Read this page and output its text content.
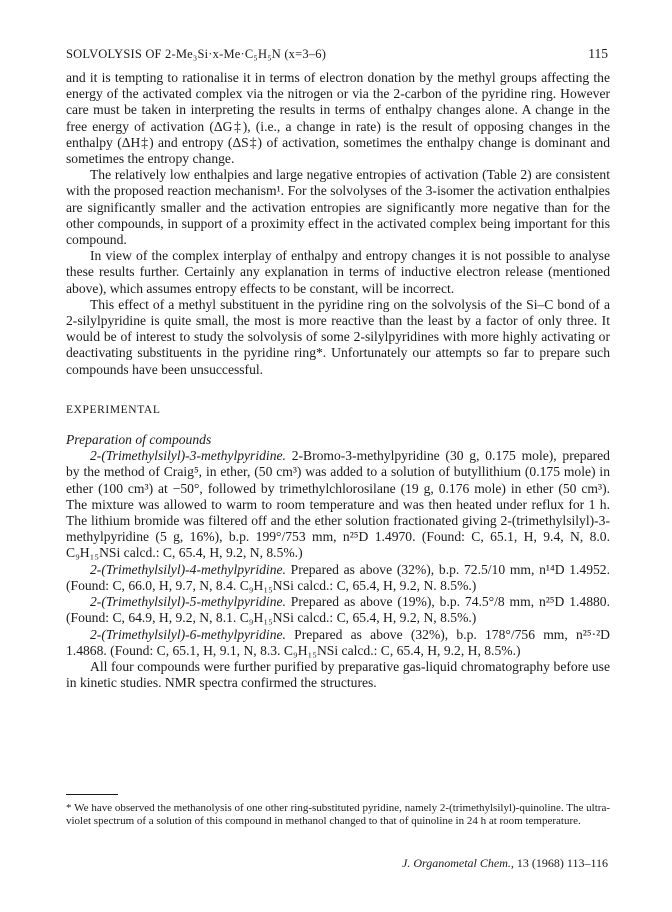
SOLVOLYSIS OF 2-Me₃Si·x-Me·C₅H₅N (x=3–6)	115

and it is tempting to rationalise it in terms of electron donation by the methyl groups affecting the energy of the activated complex via the nitrogen or via the 2-carbon of the pyridine ring. However care must be taken in interpreting the results in terms of enthalpy changes alone. A change in the free energy of activation (ΔG‡), (i.e., a change in rate) is the result of opposing changes in the enthalpy (ΔH‡) and entropy (ΔS‡) of activation, sometimes the enthalpy change is dominant and sometimes the entropy change.

The relatively low enthalpies and large negative entropies of activation (Table 2) are consistent with the proposed reaction mechanism¹. For the solvolyses of the 3-isomer the activation enthalpies are significantly smaller and the activation entropies are significantly more negative than for the other compounds, in support of a proximity effect in the activated complex being important for this compound.

In view of the complex interplay of enthalpy and entropy changes it is not possible to analyse these results further. Certainly any explanation in terms of inductive electron release (mentioned above), which assumes entropy effects to be constant, will be incorrect.

This effect of a methyl substituent in the pyridine ring on the solvolysis of the Si–C bond of a 2-silylpyridine is quite small, the most is more reactive than the least by a factor of only three. It would be of interest to study the solvolysis of some 2-silylpyridines with more highly activating or deactivating substituents in the pyridine ring*. Unfortunately our attempts so far to prepare such compounds have been unsuccessful.

EXPERIMENTAL

Preparation of compounds

2-(Trimethylsilyl)-3-methylpyridine. 2-Bromo-3-methylpyridine (30 g, 0.175 mole), prepared by the method of Craig⁵, in ether, (50 cm³) was added to a solution of butyllithium (0.175 mole) in ether (100 cm³) at −50°, followed by trimethylchlorosilane (19 g, 0.176 mole) in ether (50 cm³). The mixture was allowed to warm to room temperature and was then heated under reflux for 1 h. The lithium bromide was filtered off and the ether solution fractionated giving 2-(trimethylsilyl)-3-methylpyridine (5 g, 16%), b.p. 199°/753 mm, n²⁵D 1.4970. (Found: C, 65.1, H, 9.4, N, 8.0. C₉H₁₅NSi calcd.: C, 65.4, H, 9.2, N, 8.5%.)

2-(Trimethylsilyl)-4-methylpyridine. Prepared as above (32%), b.p. 72.5/10 mm, n¹⁴D 1.4952. (Found: C, 66.0, H, 9.7, N, 8.4. C₉H₁₅NSi calcd.: C, 65.4, H, 9.2, N. 8.5%.)

2-(Trimethylsilyl)-5-methylpyridine. Prepared as above (19%), b.p. 74.5°/8 mm, n²⁵D 1.4880. (Found: C, 64.9, H, 9.2, N, 8.1. C₉H₁₅NSi calcd.: C, 65.4, H, 9.2, N, 8.5%.)

2-(Trimethylsilyl)-6-methylpyridine. Prepared as above (32%), b.p. 178°/756 mm, n²⁵·²D 1.4868. (Found: C, 65.1, H, 9.1, N, 8.3. C₉H₁₅NSi calcd.: C, 65.4, H, 9.2, H, 8.5%.)

All four compounds were further purified by preparative gas-liquid chromatography before use in kinetic studies. NMR spectra confirmed the structures.

* We have observed the methanolysis of one other ring-substituted pyridine, namely 2-(trimethylsilyl)-quinoline. The ultra-violet spectrum of a solution of this compound in methanol changed to that of quinoline in 24 h at room temperature.
J. Organometal Chem., 13 (1968) 113–116
